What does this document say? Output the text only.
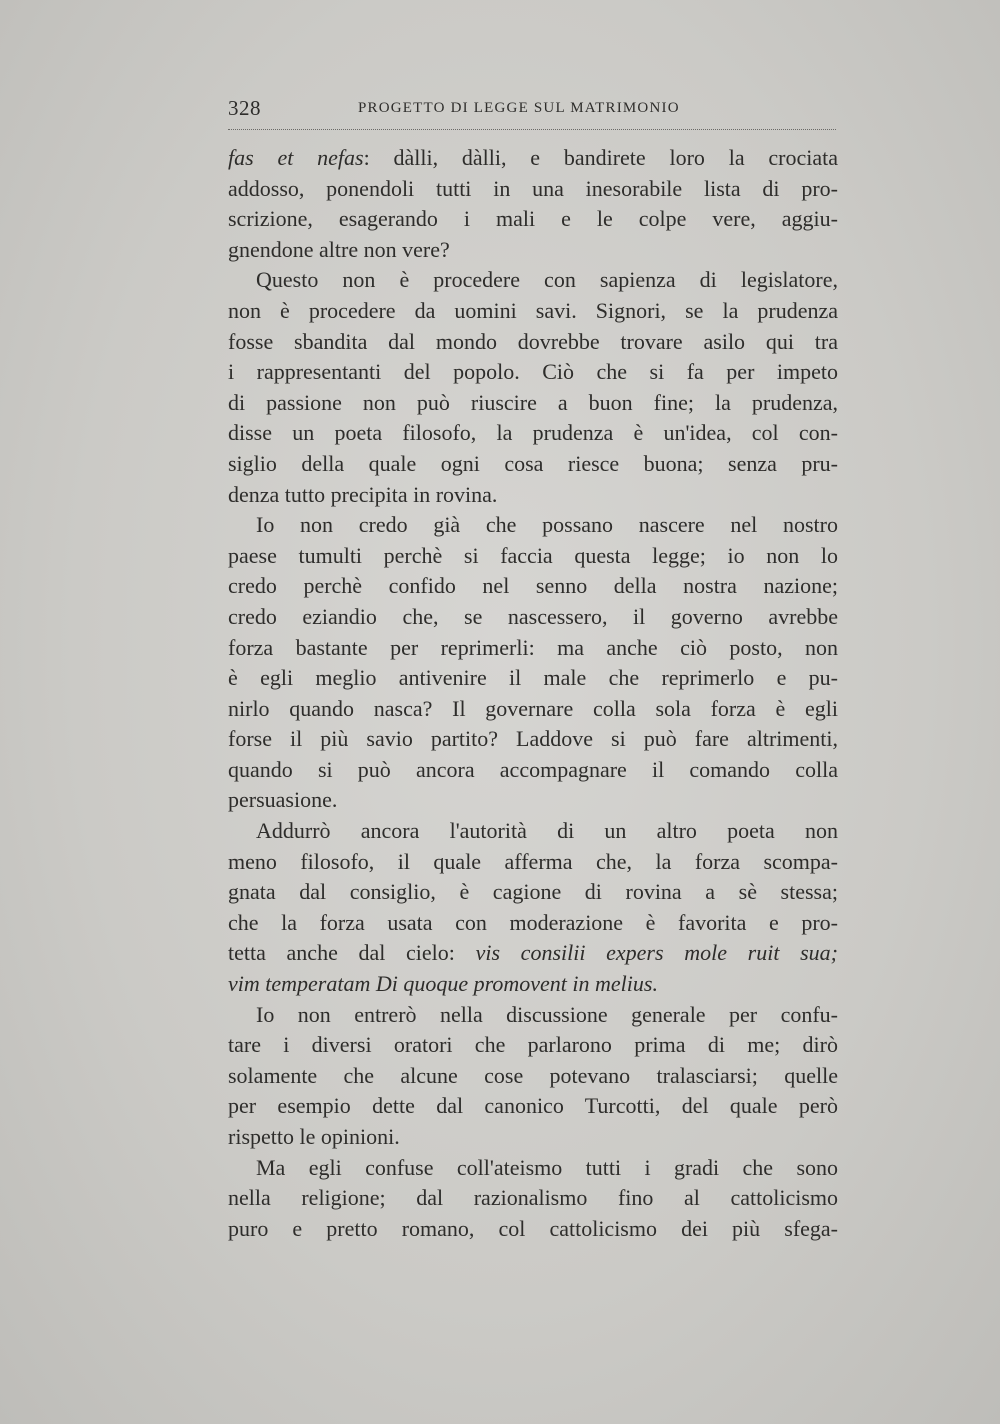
328	PROGETTO DI LEGGE SUL MATRIMONIO
fas et nefas: dàlli, dàlli, e bandirete loro la crociata
addosso, ponendoli tutti in una inesorabile lista di pro-
scrizione, esagerando i mali e le colpe vere, aggiu-
gnendone altre non vere?
Questo non è procedere con sapienza di legislatore,
non è procedere da uomini savi. Signori, se la prudenza
fosse sbandita dal mondo dovrebbe trovare asilo qui tra
i rappresentanti del popolo. Ciò che si fa per impeto
di passione non può riuscire a buon fine; la prudenza,
disse un poeta filosofo, la prudenza è un'idea, col con-
siglio della quale ogni cosa riesce buona; senza pru-
denza tutto precipita in rovina.
Io non credo già che possano nascere nel nostro
paese tumulti perchè si faccia questa legge; io non lo
credo perchè confido nel senno della nostra nazione;
credo eziandio che, se nascessero, il governo avrebbe
forza bastante per reprimerli: ma anche ciò posto, non
è egli meglio antivenire il male che reprimerlo e pu-
nirlo quando nasca? Il governare colla sola forza è egli
forse il più savio partito? Laddove si può fare altrimenti,
quando si può ancora accompagnare il comando colla
persuasione.
Addurrò ancora l'autorità di un altro poeta non
meno filosofo, il quale afferma che, la forza scompa-
gnata dal consiglio, è cagione di rovina a sè stessa;
che la forza usata con moderazione è favorita e pro-
tetta anche dal cielo: vis consilii expers mole ruit sua;
vim temperatam Di quoque promovent in melius.
Io non entrerò nella discussione generale per confu-
tare i diversi oratori che parlarono prima di me; dirò
solamente che alcune cose potevano tralasciarsi; quelle
per esempio dette dal canonico Turcotti, del quale però
rispetto le opinioni.
Ma egli confuse coll'ateismo tutti i gradi che sono
nella religione; dal razionalismo fino al cattolicismo
puro e pretto romano, col cattolicismo dei più sfega-
